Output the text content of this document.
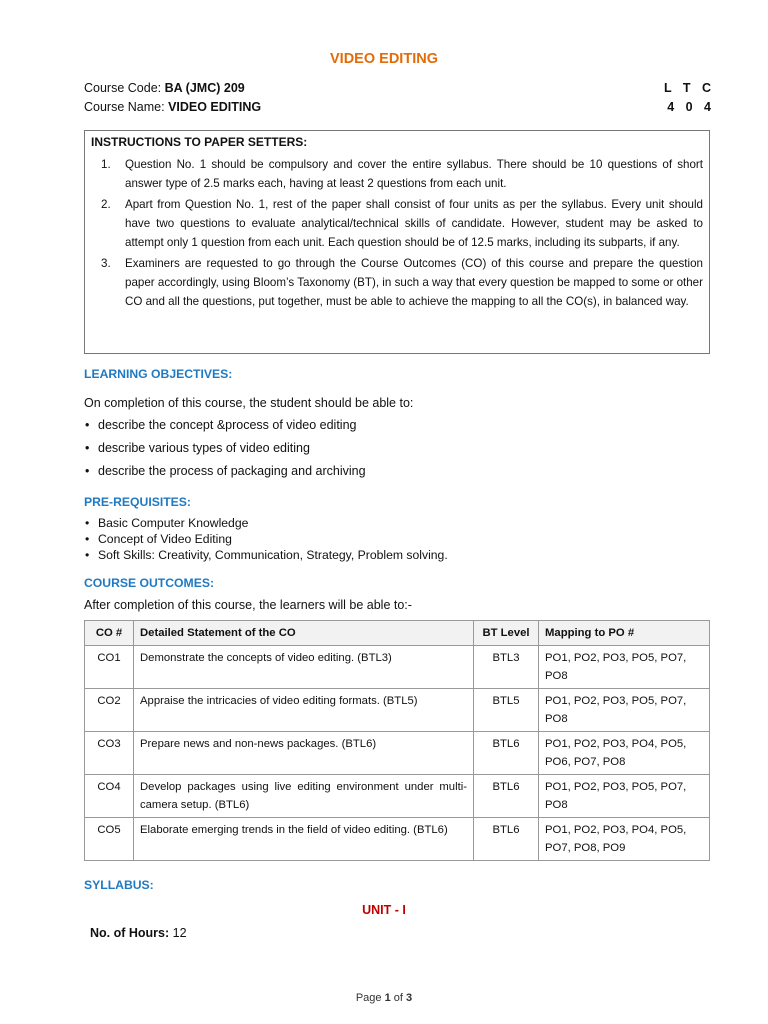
VIDEO EDITING
Course Code: BA (JMC) 209	L T C
Course Name: VIDEO EDITING	4 0 4
INSTRUCTIONS TO PAPER SETTERS:
1. Question No. 1 should be compulsory and cover the entire syllabus. There should be 10 questions of short answer type of 2.5 marks each, having at least 2 questions from each unit.
2. Apart from Question No. 1, rest of the paper shall consist of four units as per the syllabus. Every unit should have two questions to evaluate analytical/technical skills of candidate. However, student may be asked to attempt only 1 question from each unit. Each question should be of 12.5 marks, including its subparts, if any.
3. Examiners are requested to go through the Course Outcomes (CO) of this course and prepare the question paper accordingly, using Bloom’s Taxonomy (BT), in such a way that every question be mapped to some or other CO and all the questions, put together, must be able to achieve the mapping to all the CO(s), in balanced way.
LEARNING OBJECTIVES:
On completion of this course, the student should be able to:
• describe the concept &process of video editing
• describe various types of video editing
• describe the process of packaging and archiving
PRE-REQUISITES:
• Basic Computer Knowledge
• Concept of Video Editing
• Soft Skills: Creativity, Communication, Strategy, Problem solving.
COURSE OUTCOMES:
After completion of this course, the learners will be able to:-
CO #	Detailed Statement of the CO	BT Level	Mapping to PO #
CO1	Demonstrate the concepts of video editing. (BTL3)	BTL3	PO1, PO2, PO3, PO5, PO7, PO8
CO2	Appraise the intricacies of video editing formats. (BTL5)	BTL5	PO1, PO2, PO3, PO5, PO7, PO8
CO3	Prepare news and non-news packages. (BTL6)	BTL6	PO1, PO2, PO3, PO4, PO5, PO6, PO7, PO8
CO4	Develop packages using live editing environment under multi-camera setup. (BTL6)	BTL6	PO1, PO2, PO3, PO5, PO7, PO8
CO5	Elaborate emerging trends in the field of video editing. (BTL6)	BTL6	PO1, PO2, PO3, PO4, PO5, PO7, PO8, PO9
SYLLABUS:
UNIT - I
No. of Hours: 12
Page 1 of 3
